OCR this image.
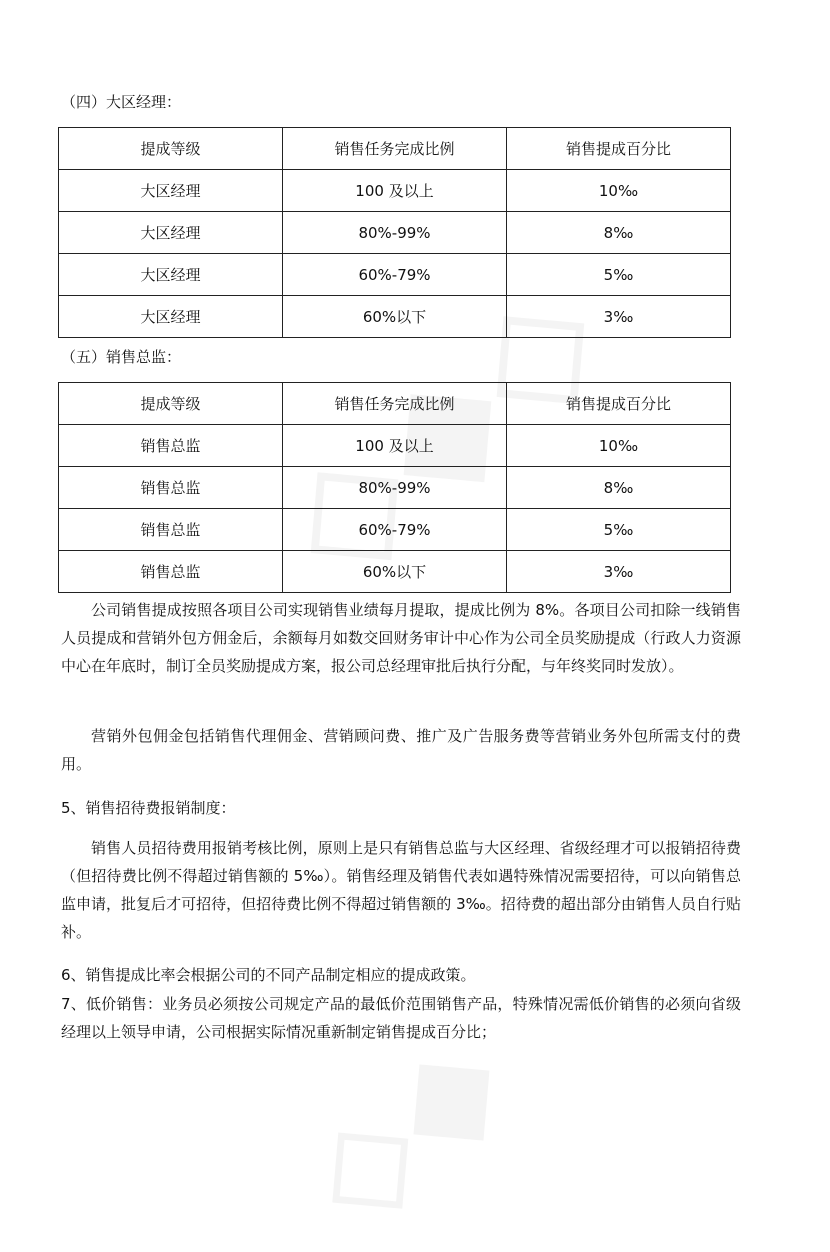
（四）大区经理：
提成等级	销售任务完成比例	销售提成百分比
大区经理	100 及以上	10‰
大区经理	80%-99%	8‰
大区经理	60%-79%	5‰
大区经理	60%以下	3‰
（五）销售总监：
提成等级	销售任务完成比例	销售提成百分比
销售总监	100 及以上	10‰
销售总监	80%-99%	8‰
销售总监	60%-79%	5‰
销售总监	60%以下	3‰

公司销售提成按照各项目公司实现销售业绩每月提取，提成比例为 8%。各项目公司扣除一线销售人员提成和营销外包方佣金后，余额每月如数交回财务审计中心作为公司全员奖励提成（行政人力资源中心在年底时，制订全员奖励提成方案，报公司总经理审批后执行分配，与年终奖同时发放）。

营销外包佣金包括销售代理佣金、营销顾问费、推广及广告服务费等营销业务外包所需支付的费用。

5、销售招待费报销制度：

销售人员招待费用报销考核比例，原则上是只有销售总监与大区经理、省级经理才可以报销招待费（但招待费比例不得超过销售额的 5‰）。销售经理及销售代表如遇特殊情况需要招待，可以向销售总监申请，批复后才可招待，但招待费比例不得超过销售额的 3‰。招待费的超出部分由销售人员自行贴补。

6、销售提成比率会根据公司的不同产品制定相应的提成政策。

7、低价销售：业务员必须按公司规定产品的最低价范围销售产品，特殊情况需低价销售的必须向省级经理以上领导申请，公司根据实际情况重新制定销售提成百分比；
